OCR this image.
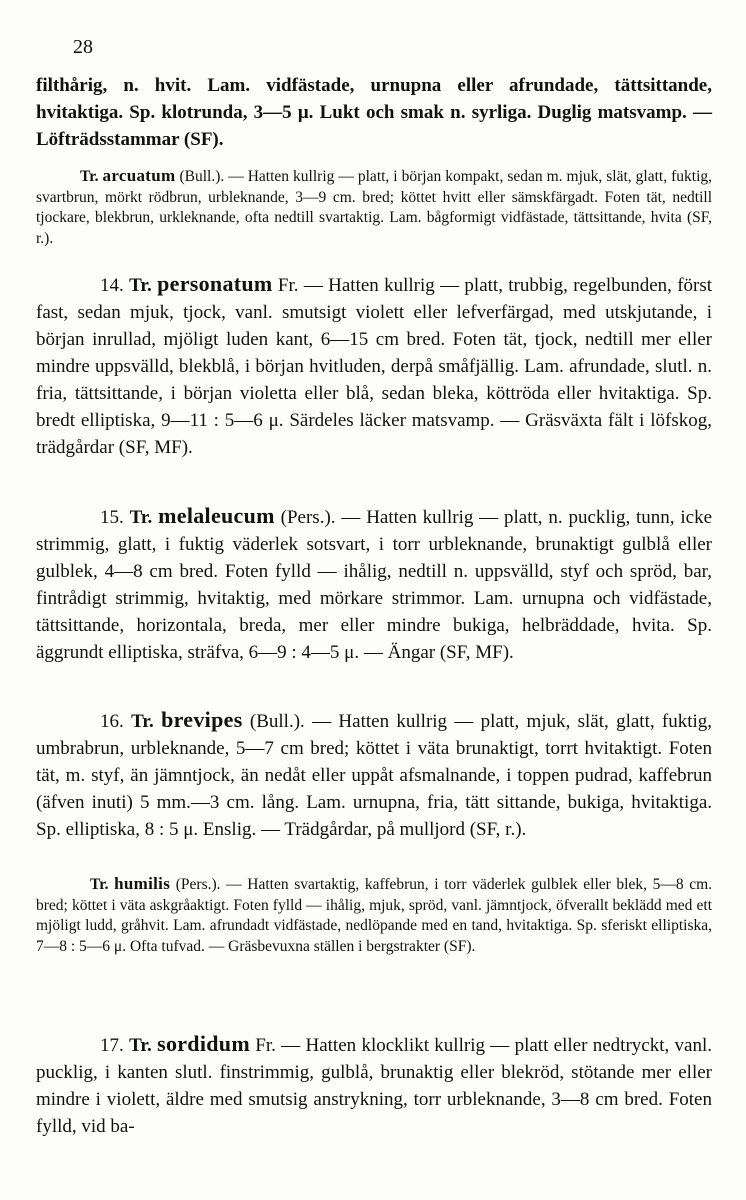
28

filthårig, n. hvit. Lam. vidfästade, urnupna eller afrundade, tättsittande, hvitaktiga. Sp. klotrunda, 3—5 μ. Lukt och smak n. syrliga. Duglig matsvamp. — Löfträdsstammar (SF).

Tr. arcuatum (Bull.). — Hatten kullrig — platt, i början kompakt, sedan m. mjuk, slät, glatt, fuktig, svartbrun, mörkt rödbrun, urbleknande, 3—9 cm. bred; köttet hvitt eller sämskfärgadt. Foten tät, nedtill tjockare, blekbrun, urkleknande, ofta nedtill svartaktig. Lam. bågformigt vidfästade, tättsittande, hvita (SF, r.).

14. Tr. personatum Fr. — Hatten kullrig — platt, trubbig, regelbunden, först fast, sedan mjuk, tjock, vanl. smutsigt violett eller lefverfärgad, med utskjutande, i början inrullad, mjöligt luden kant, 6—15 cm bred. Foten tät, tjock, nedtill mer eller mindre uppsvälld, blekblå, i början hvitluden, derpå småfjällig. Lam. afrundade, slutl. n. fria, tättsittande, i början violetta eller blå, sedan bleka, köttröda eller hvitaktiga. Sp. bredt elliptiska, 9—11 : 5—6 μ. Särdeles läcker matsvamp. — Gräsväxta fält i löfskog, trädgårdar (SF, MF).

15. Tr. melaleucum (Pers.). — Hatten kullrig — platt, n. pucklig, tunn, icke strimmig, glatt, i fuktig väderlek sotsvart, i torr urbleknande, brunaktigt gulblå eller gulblek, 4—8 cm bred. Foten fylld — ihålig, nedtill n. uppsvälld, styf och spröd, bar, fintrådigt strimmig, hvitaktig, med mörkare strimmor. Lam. urnupna och vidfästade, tättsittande, horizontala, breda, mer eller mindre bukiga, helbräddade, hvita. Sp. äggrundt elliptiska, sträfva, 6—9 : 4—5 μ. — Ängar (SF, MF).

16. Tr. brevipes (Bull.). — Hatten kullrig — platt, mjuk, slät, glatt, fuktig, umbrabrun, urbleknande, 5—7 cm bred; köttet i väta brunaktigt, torrt hvitaktigt. Foten tät, m. styf, än jämntjock, än nedåt eller uppåt afsmalnande, i toppen pudrad, kaffebrun (äfven inuti) 5 mm.—3 cm. lång. Lam. urnupna, fria, tätt sittande, bukiga, hvitaktiga. Sp. elliptiska, 8 : 5 μ. Enslig. — Trädgårdar, på mulljord (SF, r.).

Tr. humilis (Pers.). — Hatten svartaktig, kaffebrun, i torr väderlek gulblek eller blek, 5—8 cm. bred; köttet i väta askgråaktigt. Foten fylld — ihålig, mjuk, spröd, vanl. jämntjock, öfverallt beklädd med ett mjöligt ludd, gråhvit. Lam. afrundadt vidfästade, nedlöpande med en tand, hvitaktiga. Sp. sferiskt elliptiska, 7—8 : 5—6 μ. Ofta tufvad. — Gräsbevuxna ställen i bergstrakter (SF).

17. Tr. sordidum Fr. — Hatten klocklikt kullrig — platt eller nedtryckt, vanl. pucklig, i kanten slutl. finstrimmig, gulblå, brunaktig eller blekröd, stötande mer eller mindre i violett, äldre med smutsig anstrykning, torr urbleknande, 3—8 cm bred. Foten fylld, vid ba-
